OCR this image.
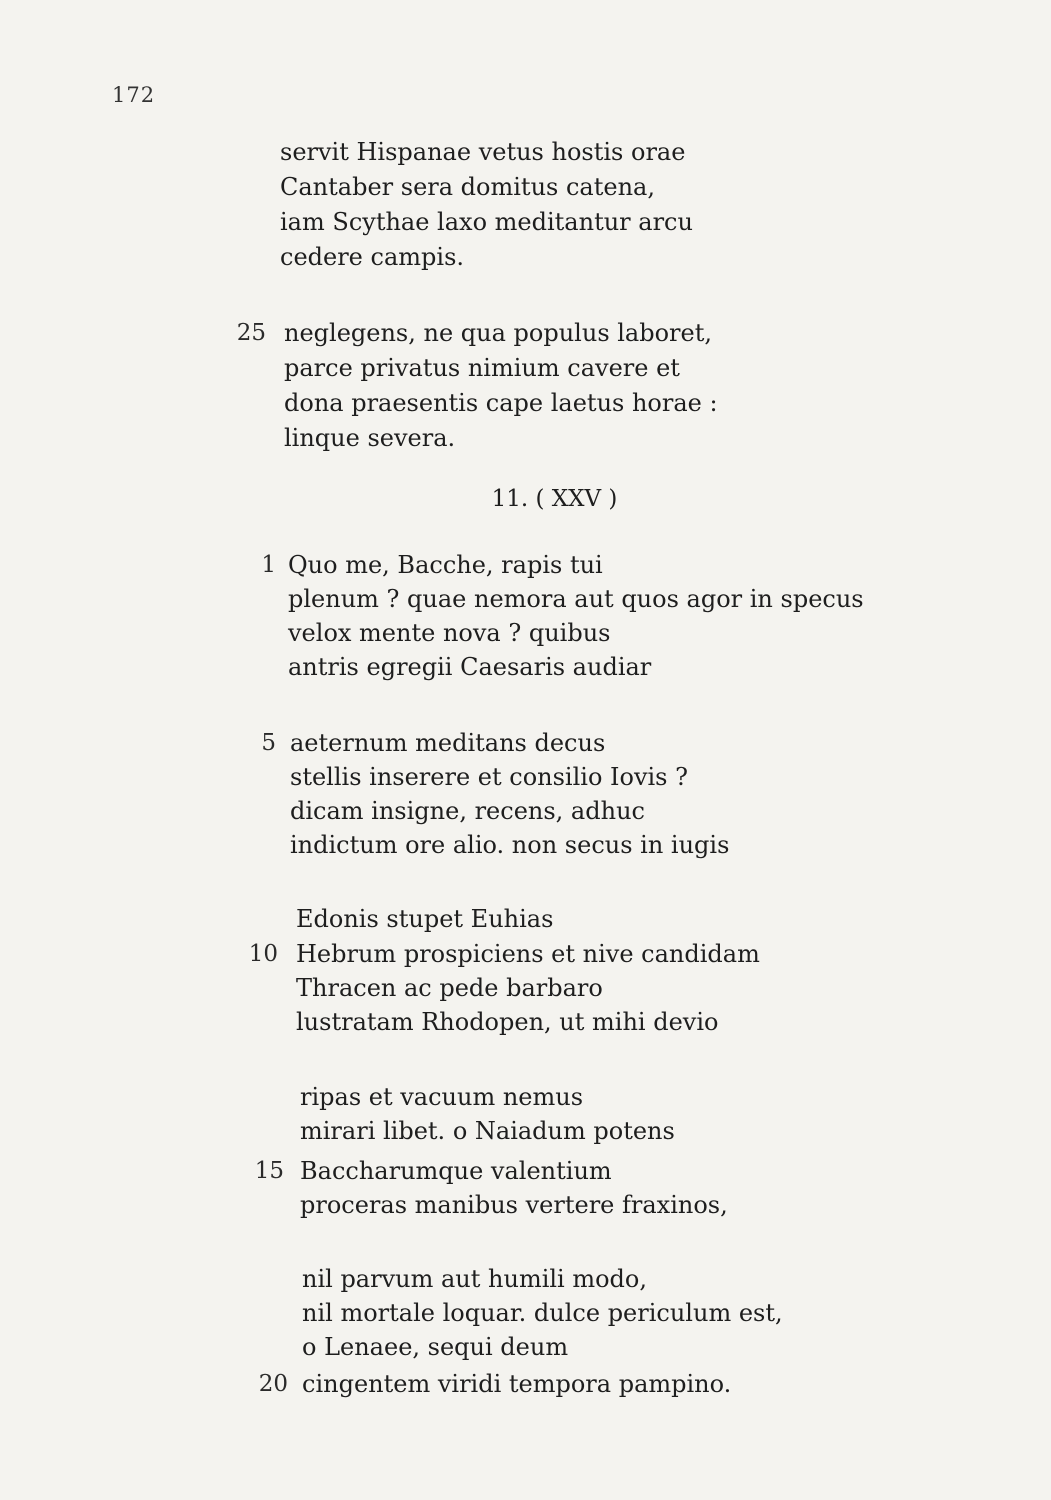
172
servit Hispanae vetus hostis orae
Cantaber sera domitus catena,
iam Scythae laxo meditantur arcu
cedere campis.
25 neglegens, ne qua populus laboret,
parce privatus nimium cavere et
dona praesentis cape laetus horae :
linque severa.
11. ( XXV )
1 Quo me, Bacche, rapis tui
plenum ? quae nemora aut quos agor in specus
velox mente nova ? quibus
antris egregii Caesaris audiar
5 aeternum meditans decus
stellis inserere et consilio Iovis ?
dicam insigne, recens, adhuc
indictum ore alio. non secus in iugis
Edonis stupet Euhias
10 Hebrum prospiciens et nive candidam
Thracen ac pede barbaro
lustratam Rhodopen, ut mihi devio
ripas et vacuum nemus
mirari libet. o Naiadum potens
15 Baccharumque valentium
proceras manibus vertere fraxinos,
nil parvum aut humili modo,
nil mortale loquar. dulce periculum est,
o Lenaee, sequi deum
20 cingentem viridi tempora pampino.
